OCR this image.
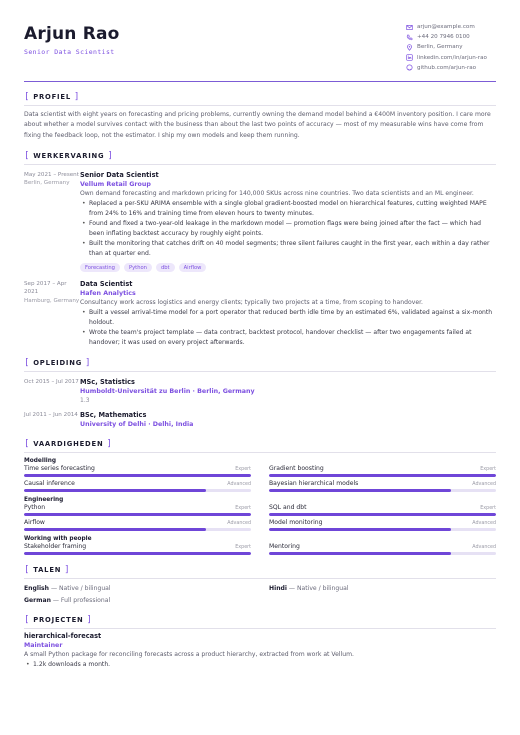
Arjun Rao
Senior Data Scientist
arjun@example.com
+44 20 7946 0100
Berlin, Germany
linkedin.com/in/arjun-rao
github.com/arjun-rao
[ PROFIEL ]

Data scientist with eight years on forecasting and pricing problems, currently owning the demand model behind a €400M inventory position. I care more about whether a model survives contact with the business than about the last two points of accuracy — most of my measurable wins have come from fixing the feedback loop, not the estimator. I ship my own models and keep them running.

[ WERKERVARING ]
May 2021 – Present
Berlin, Germany
Senior Data Scientist
Vellum Retail Group
Own demand forecasting and markdown pricing for 140,000 SKUs across nine countries. Two data scientists and an ML engineer.
• Replaced a per-SKU ARIMA ensemble with a single global gradient-boosted model on hierarchical features, cutting weighted MAPE from 24% to 16% and training time from eleven hours to twenty minutes.
• Found and fixed a two-year-old leakage in the markdown model — promotion flags were being joined after the fact — which had been inflating backtest accuracy by roughly eight points.
• Built the monitoring that catches drift on 40 model segments; three silent failures caught in the first year, each within a day rather than at quarter end.
Forecasting	Python	dbt	Airflow
Sep 2017 – Apr 2021
Hamburg, Germany
Data Scientist
Hafen Analytics
Consultancy work across logistics and energy clients; typically two projects at a time, from scoping to handover.
• Built a vessel arrival-time model for a port operator that reduced berth idle time by an estimated 6%, validated against a six-month holdout.
• Wrote the team's project template — data contract, backtest protocol, handover checklist — after two engagements failed at handover; it was used on every project afterwards.
[ OPLEIDING ]
Oct 2015 – Jul 2017 MSc, Statistics
Humboldt-Universität zu Berlin · Berlin, Germany
1.3
Jul 2011 – Jun 2014 BSc, Mathematics
University of Delhi · Delhi, India
[ VAARDIGHEDEN ]
Modelling
Time series forecasting	Expert	Gradient boosting	Expert
Causal inference	Advanced	Bayesian hierarchical models	Advanced
Engineering
Python	Expert	SQL and dbt	Expert
Airflow	Advanced	Model monitoring	Advanced
Working with people
Stakeholder framing	Expert	Mentoring	Advanced
[ TALEN ]
English — Native / bilingual	Hindi — Native / bilingual
German — Full professional
[ PROJECTEN ]
hierarchical-forecast
Maintainer
A small Python package for reconciling forecasts across a product hierarchy, extracted from work at Vellum.
• 1.2k downloads a month.
